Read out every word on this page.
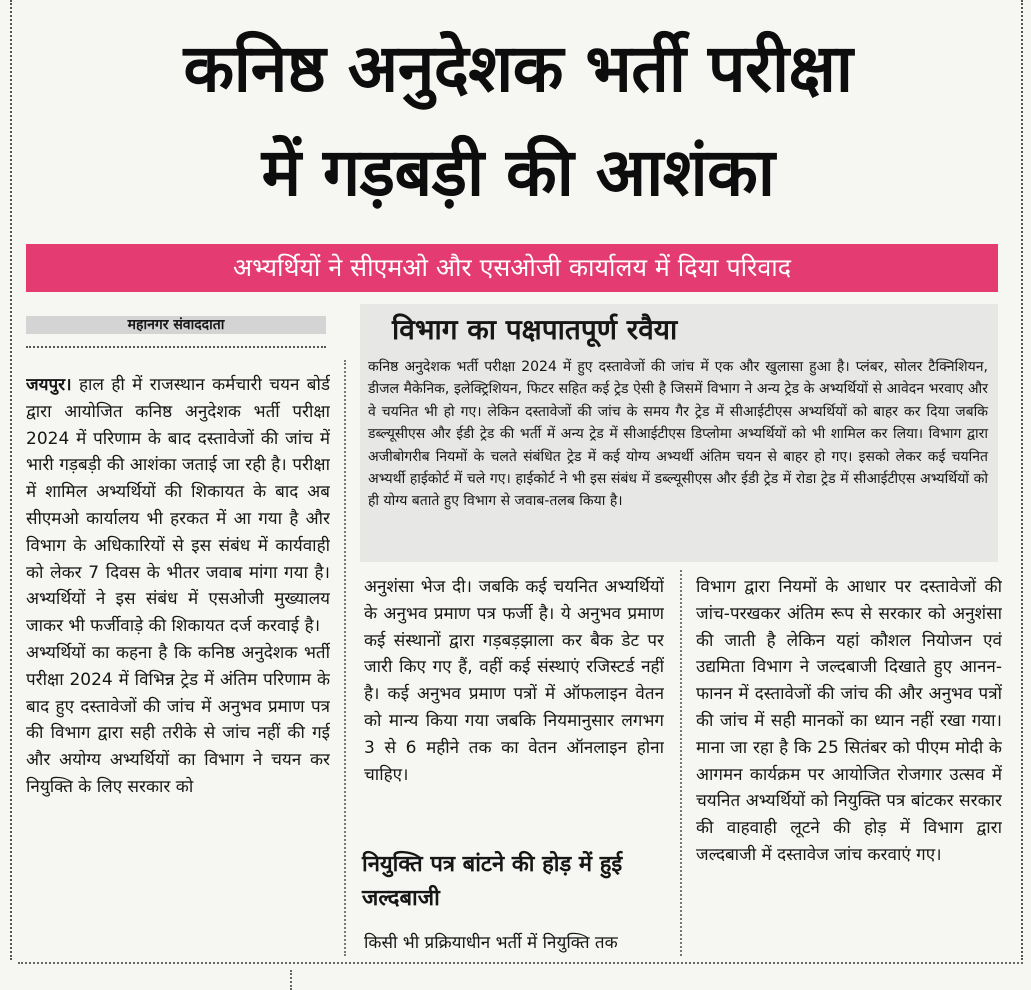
कनिष्ठ अनुदेशक भर्ती परीक्षा
में गड़बड़ी की आशंका
अभ्यर्थियों ने सीएमओ और एसओजी कार्यालय में दिया परिवाद
महानगर संवाददाता

जयपुर। हाल ही में राजस्थान कर्मचारी चयन बोर्ड द्वारा आयोजित कनिष्ठ अनुदेशक भर्ती परीक्षा 2024 में परिणाम के बाद दस्तावेजों की जांच में भारी गड़बड़ी की आशंका जताई जा रही है। परीक्षा में शामिल अभ्यर्थियों की शिकायत के बाद अब सीएमओ कार्यालय भी हरकत में आ गया है और विभाग के अधिकारियों से इस संबंध में कार्यवाही को लेकर 7 दिवस के भीतर जवाब मांगा गया है। अभ्यर्थियों ने इस संबंध में एसओजी मुख्यालय जाकर भी फर्जीवाड़े की शिकायत दर्ज करवाई है।

अभ्यर्थियों का कहना है कि कनिष्ठ अनुदेशक भर्ती परीक्षा 2024 में विभिन्न ट्रेड में अंतिम परिणाम के बाद हुए दस्तावेजों की जांच में अनुभव प्रमाण पत्र की विभाग द्वारा सही तरीके से जांच नहीं की गई और अयोग्य अभ्यर्थियों का विभाग ने चयन कर नियुक्ति के लिए सरकार को

विभाग का पक्षपातपूर्ण रवैया
कनिष्ठ अनुदेशक भर्ती परीक्षा 2024 में हुए दस्तावेजों की जांच में एक और खुलासा हुआ है। प्लंबर, सोलर टैक्निशियन, डीजल मैकेनिक, इलेक्ट्रिशियन, फिटर सहित कई ट्रेड ऐसी है जिसमें विभाग ने अन्य ट्रेड के अभ्यर्थियों से आवेदन भरवाए और वे चयनित भी हो गए। लेकिन दस्तावेजों की जांच के समय गैर ट्रेड में सीआईटीएस अभ्यर्थियों को बाहर कर दिया जबकि डब्ल्यूसीएस और ईडी ट्रेड की भर्ती में अन्य ट्रेड में सीआईटीएस डिप्लोमा अभ्यर्थियों को भी शामिल कर लिया। विभाग द्वारा अजीबोगरीब नियमों के चलते संबंधित ट्रेड में कई योग्य अभ्यर्थी अंतिम चयन से बाहर हो गए। इसको लेकर कई चयनित अभ्यर्थी हाईकोर्ट में चले गए। हाईकोर्ट ने भी इस संबंध में डब्ल्यूसीएस और ईडी ट्रेड में रोडा ट्रेड में सीआईटीएस अभ्यर्थियों को ही योग्य बताते हुए विभाग से जवाब-तलब किया है।

अनुशंसा भेज दी। जबकि कई चयनित अभ्यर्थियों के अनुभव प्रमाण पत्र फर्जी है। ये अनुभव प्रमाण कई संस्थानों द्वारा गड़बड़झाला कर बैक डेट पर जारी किए गए हैं, वहीं कई संस्थाएं रजिस्टर्ड नहीं है। कई अनुभव प्रमाण पत्रों में ऑफलाइन वेतन को मान्य किया गया जबकि नियमानुसार लगभग 3 से 6 महीने तक का वेतन ऑनलाइन होना चाहिए।

नियुक्ति पत्र बांटने की होड़ में हुई जल्दबाजी
किसी भी प्रक्रियाधीन भर्ती में नियुक्ति तक

विभाग द्वारा नियमों के आधार पर दस्तावेजों की जांच-परखकर अंतिम रूप से सरकार को अनुशंसा की जाती है लेकिन यहां कौशल नियोजन एवं उद्यमिता विभाग ने जल्दबाजी दिखाते हुए आनन-फानन में दस्तावेजों की जांच की और अनुभव पत्रों की जांच में सही मानकों का ध्यान नहीं रखा गया। माना जा रहा है कि 25 सितंबर को पीएम मोदी के आगमन कार्यक्रम पर आयोजित रोजगार उत्सव में चयनित अभ्यर्थियों को नियुक्ति पत्र बांटकर सरकार की वाहवाही लूटने की होड़ में विभाग द्वारा जल्दबाजी में दस्तावेज जांच करवाएं गए।
